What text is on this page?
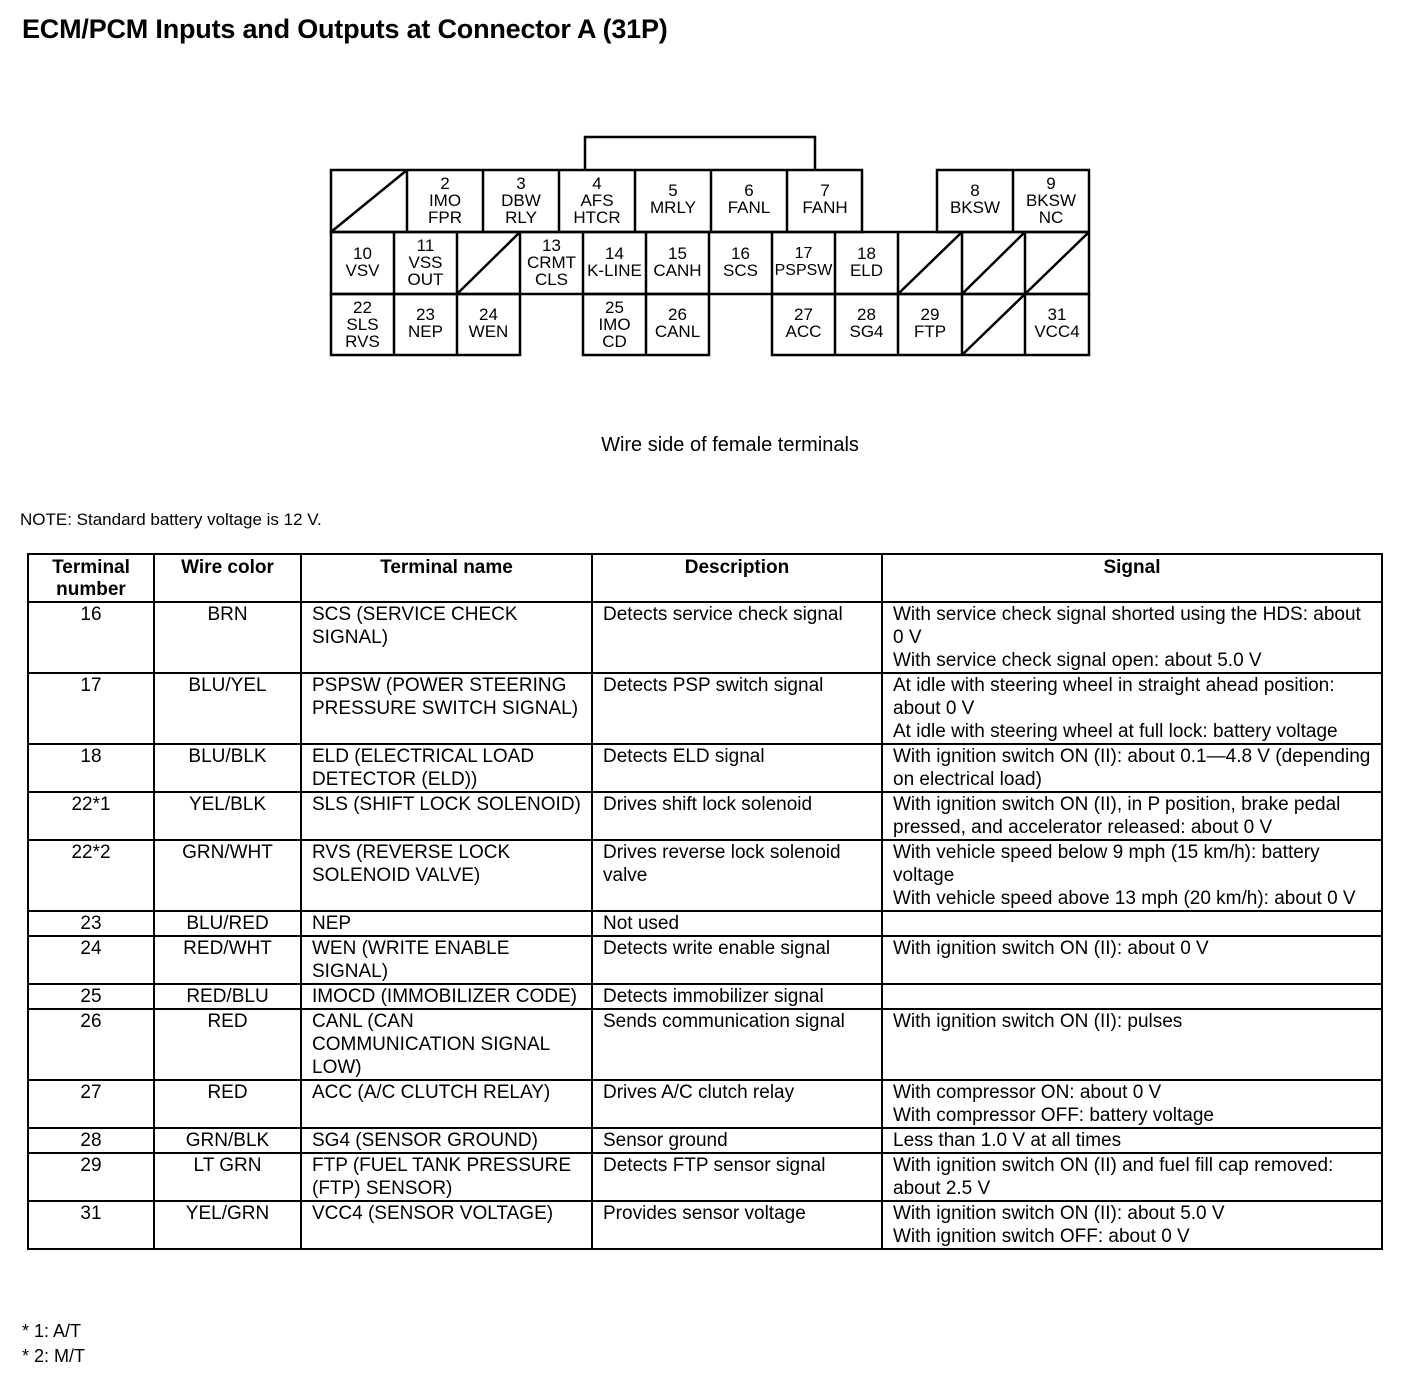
ECM/PCM Inputs and Outputs at Connector A (31P)
2
IMO
FPR
3
DBW
RLY
4
AFS
HTCR
5
MRLY
6
FANL
7
FANH
8
BKSW
9
BKSW
NC
10
VSV
11
VSS
OUT
13
CRMT
CLS
14
K-LINE
15
CANH
16
SCS
17
PSPSW
18
ELD
22
SLS
RVS
23
NEP
24
WEN
25
IMO
CD
26
CANL
27
ACC
28
SG4
29
FTP
31
VCC4
Wire side of female terminals
NOTE: Standard battery voltage is 12 V.
Terminal number	Wire color	Terminal name	Description	Signal
16	BRN	SCS (SERVICE CHECK SIGNAL)	Detects service check signal	With service check signal shorted using the HDS: about 0 V
With service check signal open: about 5.0 V
17	BLU/YEL	PSPSW (POWER STEERING PRESSURE SWITCH SIGNAL)	Detects PSP switch signal	At idle with steering wheel in straight ahead position: about 0 V
At idle with steering wheel at full lock: battery voltage
18	BLU/BLK	ELD (ELECTRICAL LOAD DETECTOR (ELD))	Detects ELD signal	With ignition switch ON (II): about 0.1—4.8 V (depending on electrical load)
22*1	YEL/BLK	SLS (SHIFT LOCK SOLENOID)	Drives shift lock solenoid	With ignition switch ON (II), in P position, brake pedal pressed, and accelerator released: about 0 V
22*2	GRN/WHT	RVS (REVERSE LOCK SOLENOID VALVE)	Drives reverse lock solenoid valve	With vehicle speed below 9 mph (15 km/h): battery voltage
With vehicle speed above 13 mph (20 km/h): about 0 V
23	BLU/RED	NEP	Not used	
24	RED/WHT	WEN (WRITE ENABLE SIGNAL)	Detects write enable signal	With ignition switch ON (II): about 0 V
25	RED/BLU	IMOCD (IMMOBILIZER CODE)	Detects immobilizer signal	
26	RED	CANL (CAN COMMUNICATION SIGNAL LOW)	Sends communication signal	With ignition switch ON (II): pulses
27	RED	ACC (A/C CLUTCH RELAY)	Drives A/C clutch relay	With compressor ON: about 0 V
With compressor OFF: battery voltage
28	GRN/BLK	SG4 (SENSOR GROUND)	Sensor ground	Less than 1.0 V at all times
29	LT GRN	FTP (FUEL TANK PRESSURE (FTP) SENSOR)	Detects FTP sensor signal	With ignition switch ON (II) and fuel fill cap removed: about 2.5 V
31	YEL/GRN	VCC4 (SENSOR VOLTAGE)	Provides sensor voltage	With ignition switch ON (II): about 5.0 V
With ignition switch OFF: about 0 V
* 1: A/T
* 2: M/T
